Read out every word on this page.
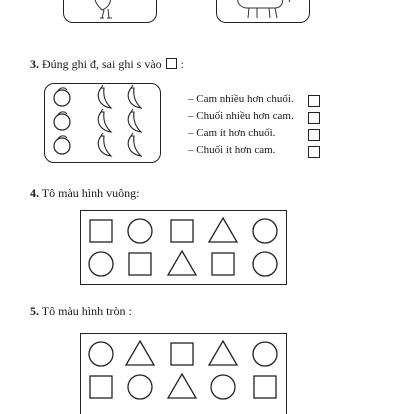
3. Đúng ghi đ, sai ghi s vào :
– Cam nhiều hơn chuối.
– Chuối nhiều hơn cam.
– Cam ít hơn chuối.
– Chuối ít hơn cam.
4. Tô màu hình vuông:
5. Tô màu hình tròn :
